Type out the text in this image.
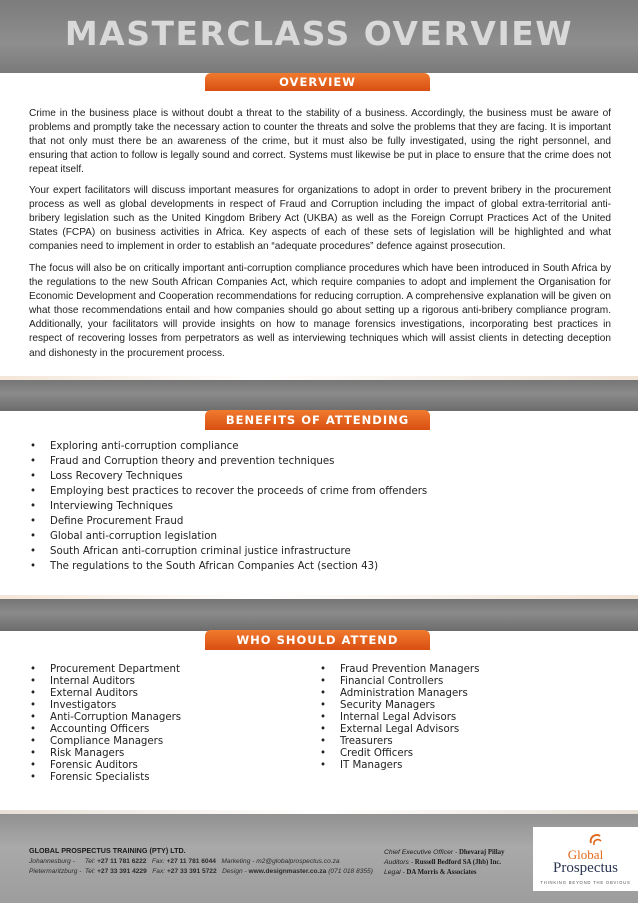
MASTERCLASS OVERVIEW
OVERVIEW

Crime in the business place is without doubt a threat to the stability of a business. Accordingly, the business must be aware of problems and promptly take the necessary action to counter the threats and solve the problems that they are facing. It is important that not only must there be an awareness of the crime, but it must also be fully investigated, using the right personnel, and ensuring that action to follow is legally sound and correct. Systems must likewise be put in place to ensure that the crime does not repeat itself.

Your expert facilitators will discuss important measures for organizations to adopt in order to prevent bribery in the procurement process as well as global developments in respect of Fraud and Corruption including the impact of global extra-territorial anti-bribery legislation such as the United Kingdom Bribery Act (UKBA) as well as the Foreign Corrupt Practices Act of the United States (FCPA) on business activities in Africa. Key aspects of each of these sets of legislation will be highlighted and what companies need to implement in order to establish an “adequate procedures” defence against prosecution.

The focus will also be on critically important anti-corruption compliance procedures which have been introduced in South Africa by the regulations to the new South African Companies Act, which require companies to adopt and implement the Organisation for Economic Development and Cooperation recommendations for reducing corruption. A comprehensive explanation will be given on what those recommendations entail and how companies should go about setting up a rigorous anti-bribery compliance program. Additionally, your facilitators will provide insights on how to manage forensics investigations, incorporating best practices in respect of recovering losses from perpetrators as well as interviewing techniques which will assist clients in detecting deception and dishonesty in the procurement process.

BENEFITS OF ATTENDING
• Exploring anti-corruption compliance
• Fraud and Corruption theory and prevention techniques
• Loss Recovery Techniques
• Employing best practices to recover the proceeds of crime from offenders
• Interviewing Techniques
• Define Procurement Fraud
• Global anti-corruption legislation
• South African anti-corruption criminal justice infrastructure
• The regulations to the South African Companies Act (section 43)
WHO SHOULD ATTEND
• Procurement Department
• Internal Auditors
• External Auditors
• Investigators
• Anti-Corruption Managers
• Accounting Officers
• Compliance Managers
• Risk Managers
• Forensic Auditors
• Forensic Specialists
• Fraud Prevention Managers
• Financial Controllers
• Administration Managers
• Security Managers
• Internal Legal Advisors
• External Legal Advisors
• Treasurers
• Credit Officers
• IT Managers
GLOBAL PROSPECTUS TRAINING (PTY) LTD.
Johannesburg - Tel: +27 11 781 6222 Fax: +27 11 781 6044 Marketing - m2@globalprospectus.co.za
Pietermaritzburg - Tel: +27 33 391 4229 Fax: +27 33 391 5722 Design - www.designmaster.co.za (071 018 8355)
Chief Executive Officer - Dhevaraj Pillay
Auditors - Russell Bedford SA (Jhb) Inc.
Legal - DA Morris & Associates
Global
Prospectus
THINKING BEYOND THE OBVIOUS
